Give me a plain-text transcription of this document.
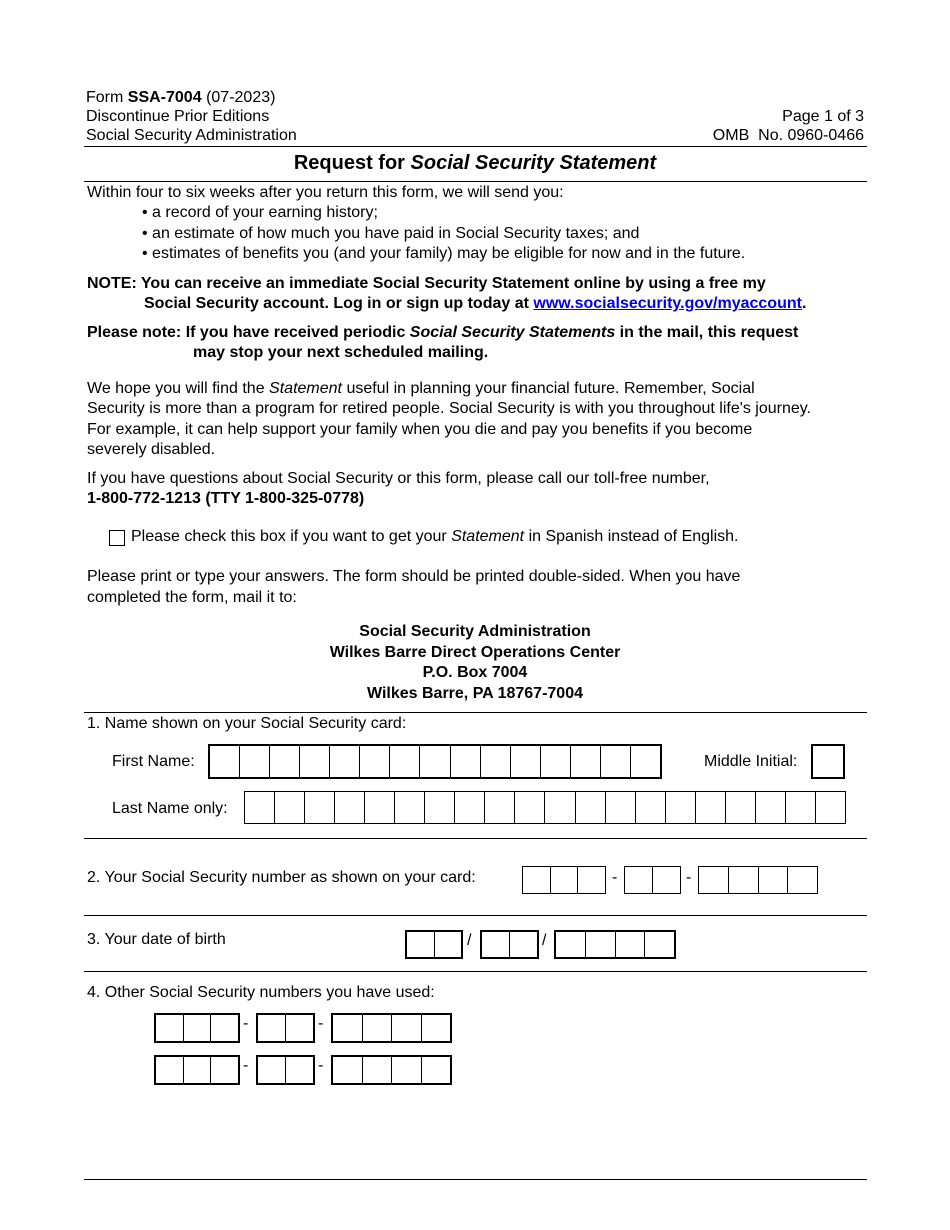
Form SSA-7004 (07-2023)
Discontinue Prior Editions
Social Security Administration
Page 1 of 3
OMB  No. 0960-0466
Request for Social Security Statement
Within four to six weeks after you return this form, we will send you:
• a record of your earning history;
• an estimate of how much you have paid in Social Security taxes; and
• estimates of benefits you (and your family) may be eligible for now and in the future.
NOTE: You can receive an immediate Social Security Statement online by using a free my
Social Security account. Log in or sign up today at www.socialsecurity.gov/myaccount.
Please note: If you have received periodic Social Security Statements in the mail, this request
may stop your next scheduled mailing.
We hope you will find the Statement useful in planning your financial future. Remember, Social
Security is more than a program for retired people. Social Security is with you throughout life's journey.
For example, it can help support your family when you die and pay you benefits if you become
severely disabled.
If you have questions about Social Security or this form, please call our toll-free number,
1-800-772-1213 (TTY 1-800-325-0778)
Please check this box if you want to get your Statement in Spanish instead of English.
Please print or type your answers. The form should be printed double-sided. When you have
completed the form, mail it to:
Social Security Administration
Wilkes Barre Direct Operations Center
P.O. Box 7004
Wilkes Barre, PA 18767-7004
1. Name shown on your Social Security card:
First Name:	Middle Initial:
Last Name only:
2. Your Social Security number as shown on your card:	-	-
3. Your date of birth	/	/
4. Other Social Security numbers you have used:
-	-
-	-
